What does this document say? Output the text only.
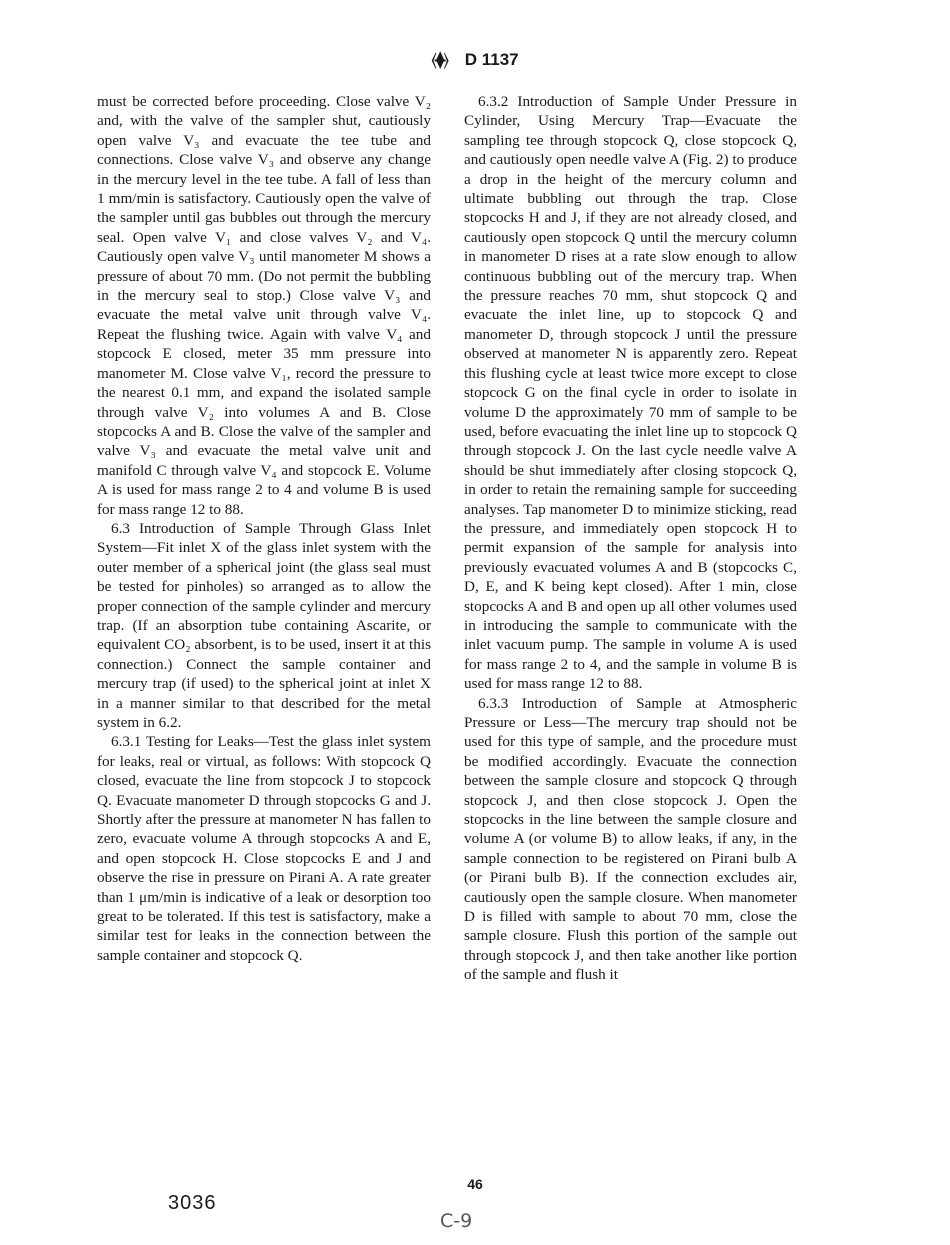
⦑⧫⦒ D 1137

must be corrected before proceeding. Close valve V₂ and, with the valve of the sampler shut, cautiously open valve V₃ and evacuate the tee tube and connections. Close valve V₃ and observe any change in the mercury level in the tee tube. A fall of less than 1 mm/min is satisfactory. Cautiously open the valve of the sampler until gas bubbles out through the mercury seal. Open valve V₁ and close valves V₂ and V₄. Cautiously open valve V₃ until manometer M shows a pressure of about 70 mm. (Do not permit the bubbling in the mercury seal to stop.) Close valve V₃ and evacuate the metal valve unit through valve V₄. Repeat the flushing twice. Again with valve V₄ and stopcock E closed, meter 35 mm pressure into manometer M. Close valve V₁, record the pressure to the nearest 0.1 mm, and expand the isolated sample through valve V₂ into volumes A and B. Close stopcocks A and B. Close the valve of the sampler and valve V₃ and evacuate the metal valve unit and manifold C through valve V₄ and stopcock E. Volume A is used for mass range 2 to 4 and volume B is used for mass range 12 to 88.

6.3 Introduction of Sample Through Glass Inlet System—Fit inlet X of the glass inlet system with the outer member of a spherical joint (the glass seal must be tested for pinholes) so arranged as to allow the proper connection of the sample cylinder and mercury trap. (If an absorption tube containing Ascarite, or equivalent CO₂ absorbent, is to be used, insert it at this connection.) Connect the sample container and mercury trap (if used) to the spherical joint at inlet X in a manner similar to that described for the metal system in 6.2.

6.3.1 Testing for Leaks—Test the glass inlet system for leaks, real or virtual, as follows: With stopcock Q closed, evacuate the line from stopcock J to stopcock Q. Evacuate manometer D through stopcocks G and J. Shortly after the pressure at manometer N has fallen to zero, evacuate volume A through stopcocks A and E, and open stopcock H. Close stopcocks E and J and observe the rise in pressure on Pirani A. A rate greater than 1 μm/min is indicative of a leak or desorption too great to be tolerated. If this test is satisfactory, make a similar test for leaks in the connection between the sample container and stopcock Q.

6.3.2 Introduction of Sample Under Pressure in Cylinder, Using Mercury Trap—Evacuate the sampling tee through stopcock Q, close stopcock Q, and cautiously open needle valve A (Fig. 2) to produce a drop in the height of the mercury column and ultimate bubbling out through the trap. Close stopcocks H and J, if they are not already closed, and cautiously open stopcock Q until the mercury column in manometer D rises at a rate slow enough to allow continuous bubbling out of the mercury trap. When the pressure reaches 70 mm, shut stopcock Q and evacuate the inlet line, up to stopcock Q and manometer D, through stopcock J until the pressure observed at manometer N is apparently zero. Repeat this flushing cycle at least twice more except to close stopcock G on the final cycle in order to isolate in volume D the approximately 70 mm of sample to be used, before evacuating the inlet line up to stopcock Q through stopcock J. On the last cycle needle valve A should be shut immediately after closing stopcock Q, in order to retain the remaining sample for succeeding analyses. Tap manometer D to minimize sticking, read the pressure, and immediately open stopcock H to permit expansion of the sample for analysis into previously evacuated volumes A and B (stopcocks C, D, E, and K being kept closed). After 1 min, close stopcocks A and B and open up all other volumes used in introducing the sample to communicate with the inlet vacuum pump. The sample in volume A is used for mass range 2 to 4, and the sample in volume B is used for mass range 12 to 88.

6.3.3 Introduction of Sample at Atmospheric Pressure or Less—The mercury trap should not be used for this type of sample, and the procedure must be modified accordingly. Evacuate the connection between the sample closure and stopcock Q through stopcock J, and then close stopcock J. Open the stopcocks in the line between the sample closure and volume A (or volume B) to allow leaks, if any, in the sample connection to be registered on Pirani bulb A (or Pirani bulb B). If the connection excludes air, cautiously open the sample closure. When manometer D is filled with sample to about 70 mm, close the sample closure. Flush this portion of the sample out through stopcock J, and then take another like portion of the sample and flush it

46
3036
C-9
